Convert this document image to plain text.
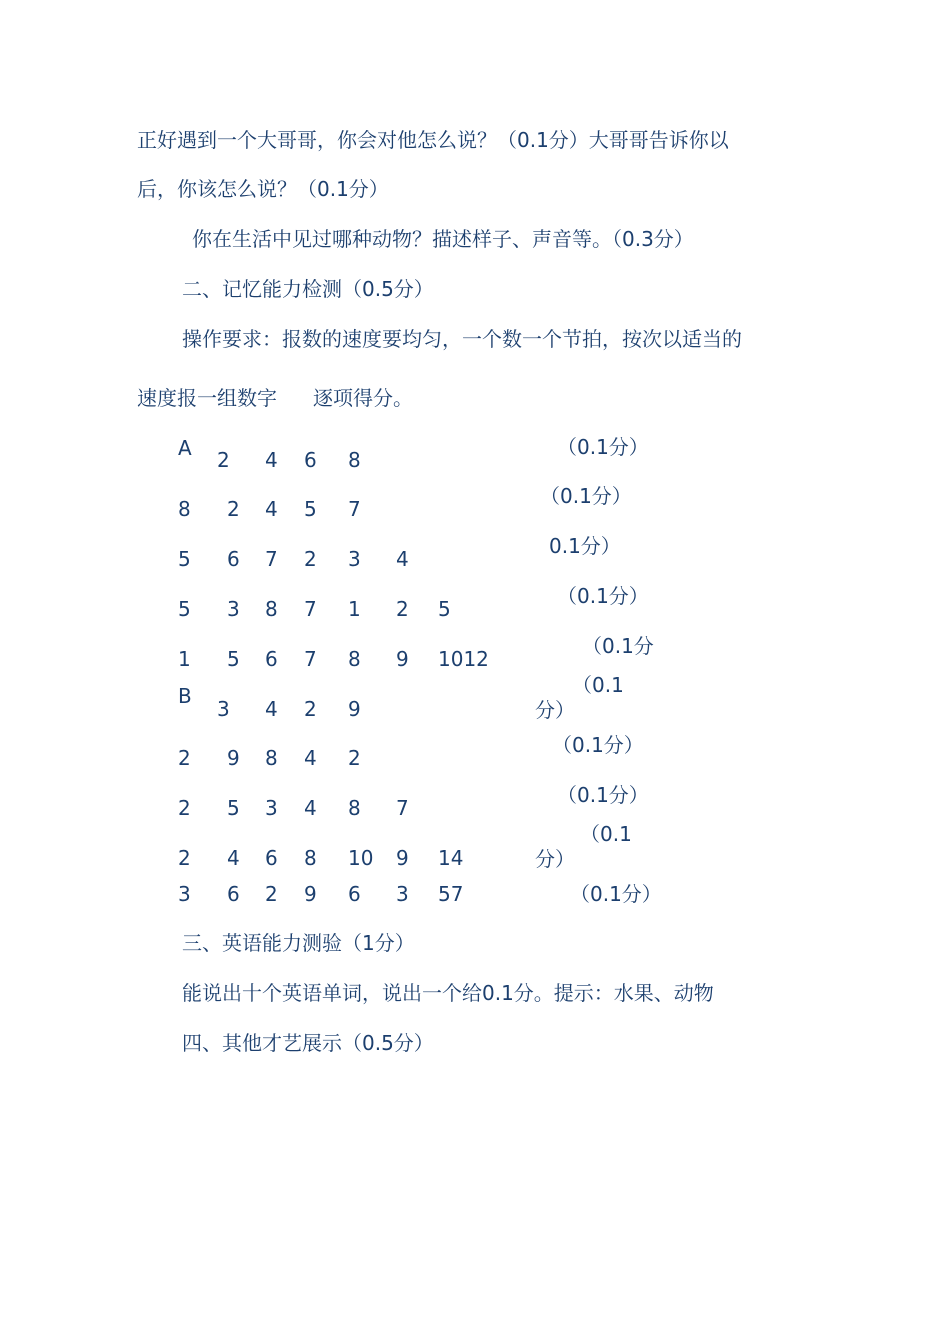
正好遇到一个大哥哥，你会对他怎么说？（0.1分）大哥哥告诉你以
后，你该怎么说？（0.1分）
你在生活中见过哪种动物？描述样子、声音等。（0.3分）
二、记忆能力检测（0.5分）
操作要求：报数的速度要均匀，一个数一个节拍，按次以适当的
速度报一组数字 逐项得分。
A 2 4 6 8
（0.1分）
8 2 4 5 7
（0.1分）
5 6 7 2 3 4
0.1分）
5 3 8 7 1 2 5
（0.1分）
1 5 6 7 8 9 1012
（0.1分
B
3 4 2 9
（0.1
分）
2 9 8 4 2
（0.1分）
2 5 3 4 8 7
（0.1分）
2 4 6 8 10 9 14
（0.1
分）
3 6 2 9 6 3 57	（0.1分）
三、英语能力测验（1分）
能说出十个英语单词，说出一个给0.1分。提示：水果、动物
四、其他才艺展示（0.5分）
